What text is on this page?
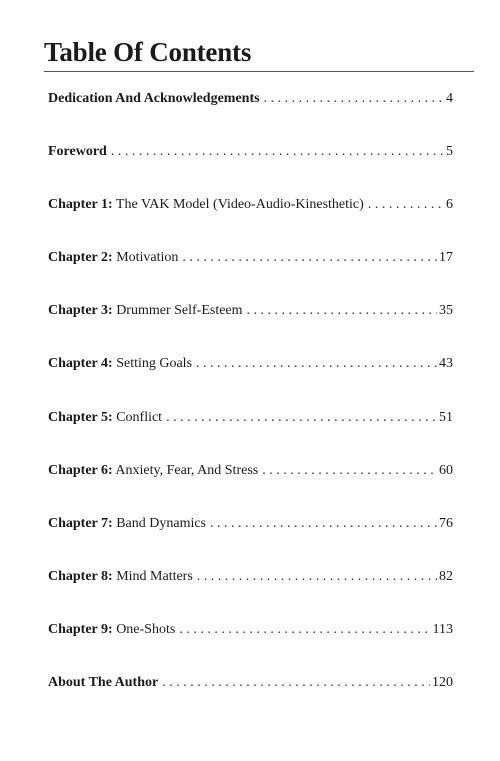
Table Of Contents
Dedication And Acknowledgements . . .	4
Foreword . . .	5
Chapter 1: The VAK Model (Video-Audio-Kinesthetic) . . .	6
Chapter 2: Motivation . . .	17
Chapter 3: Drummer Self-Esteem . . .	35
Chapter 4: Setting Goals . . .	43
Chapter 5: Conflict . . .	51
Chapter 6: Anxiety, Fear, And Stress . . .	60
Chapter 7: Band Dynamics . . .	76
Chapter 8: Mind Matters . . .	82
Chapter 9: One-Shots . . .	113
About The Author . . .	120
